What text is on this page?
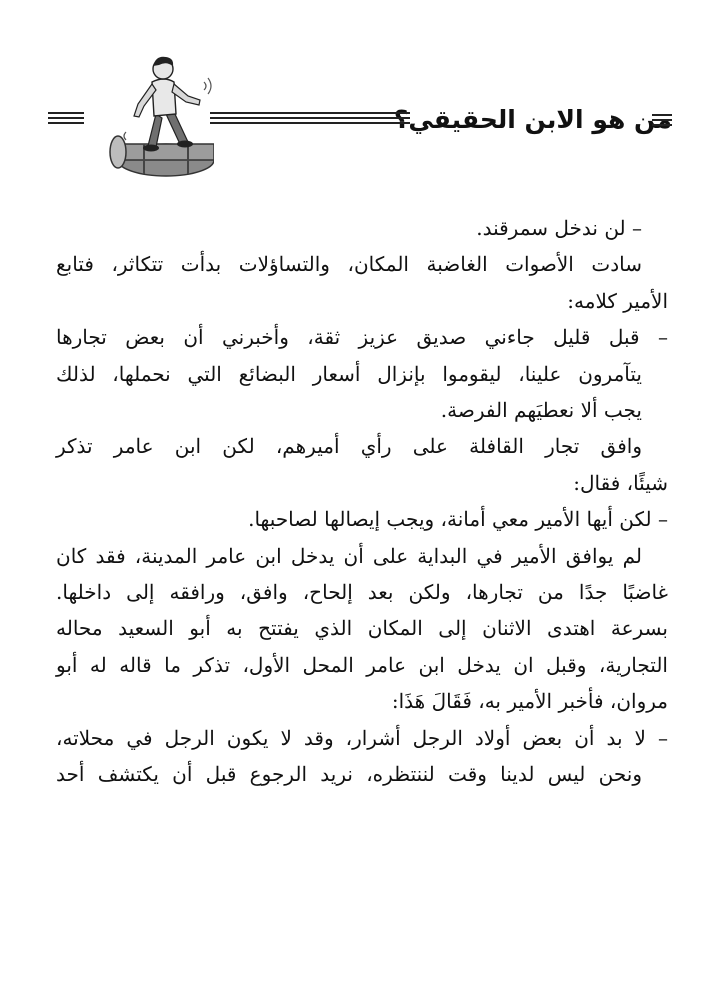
من هو الابن الحقيقي؟

– لن ندخل سمرقند.

سادت الأصوات الغاضبة المكان، والتساؤلات بدأت تتكاثر، فتابع

الأمير كلامه:

– قبل قليل جاءني صديق عزيز ثقة، وأخبرني أن بعض تجارها

يتآمرون علينا، ليقوموا بإنزال أسعار البضائع التي نحملها، لذلك

يجب ألا نعطيَهم الفرصة.

وافق تجار القافلة على رأي أميرهم، لكن ابن عامر تذكر

شيئًا، فقال:

– لكن أيها الأمير معي أمانة، ويجب إيصالها لصاحبها.

لم يوافق الأمير في البداية على أن يدخل ابن عامر المدينة، فقد كان

غاضبًا جدًا من تجارها، ولكن بعد إلحاح، وافق، ورافقه إلى داخلها.

بسرعة اهتدى الاثنان إلى المكان الذي يفتتح به أبو السعيد محاله

التجارية، وقبل ان يدخل ابن عامر المحل الأول، تذكر ما قاله له أبو

مروان، فأخبر الأمير به، فَقَالَ هَذَا:

– لا بد أن بعض أولاد الرجل أشرار، وقد لا يكون الرجل في محلاته،

ونحن ليس لدينا وقت لننتظره، نريد الرجوع قبل أن يكتشف أحد
